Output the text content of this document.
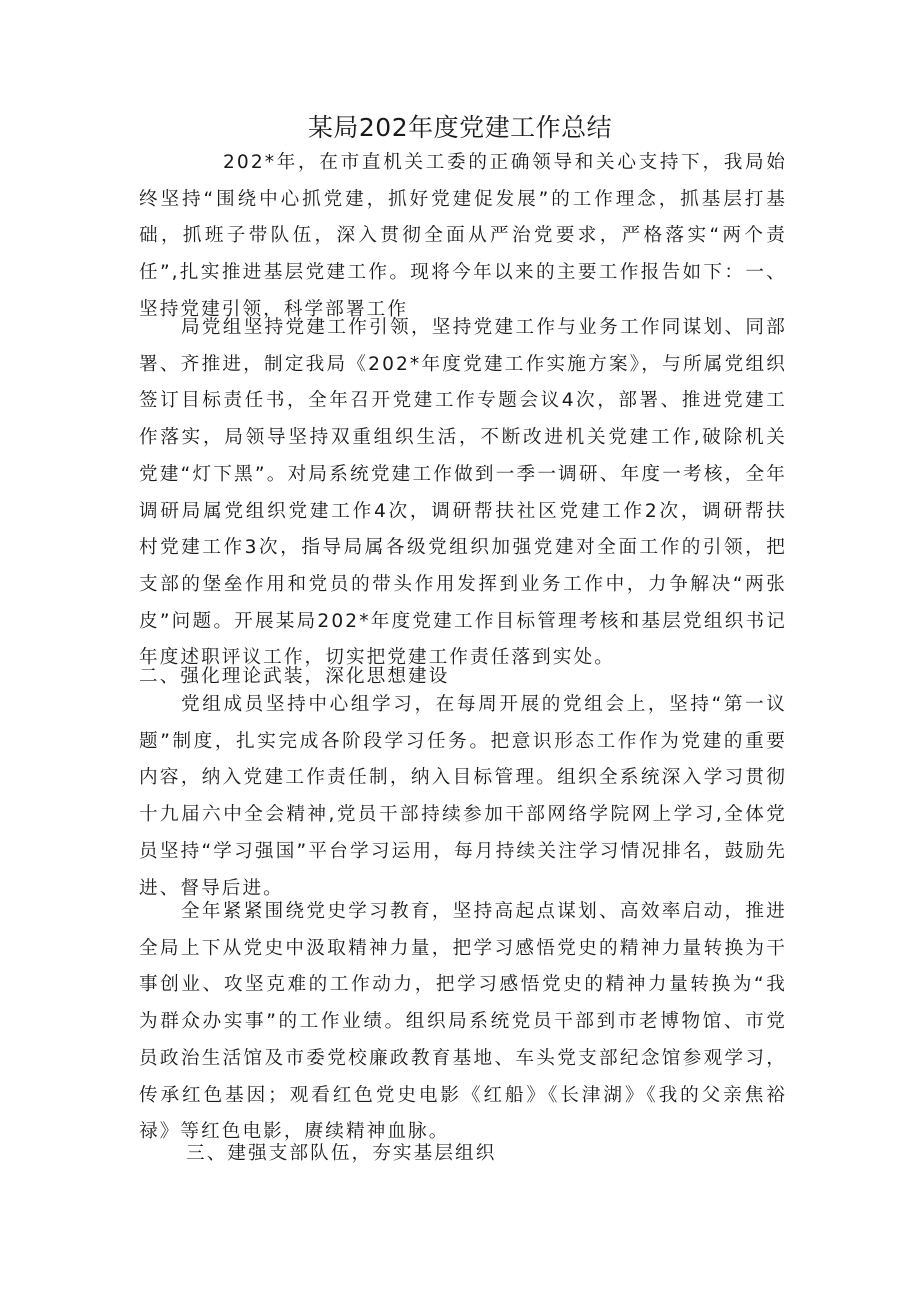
某局202年度党建工作总结

202*年，在市直机关工委的正确领导和关心支持下，我局始终坚持“围绕中心抓党建，抓好党建促发展”的工作理念，抓基层打基础，抓班子带队伍，深入贯彻全面从严治党要求，严格落实“两个责任”,扎实推进基层党建工作。现将今年以来的主要工作报告如下：一、坚持党建引领，科学部署工作

局党组坚持党建工作引领，坚持党建工作与业务工作同谋划、同部署、齐推进，制定我局《202*年度党建工作实施方案》，与所属党组织签订目标责任书，全年召开党建工作专题会议4次，部署、推进党建工作落实，局领导坚持双重组织生活，不断改进机关党建工作,破除机关党建“灯下黑”。对局系统党建工作做到一季一调研、年度一考核，全年调研局属党组织党建工作4次，调研帮扶社区党建工作2次，调研帮扶村党建工作3次，指导局属各级党组织加强党建对全面工作的引领，把支部的堡垒作用和党员的带头作用发挥到业务工作中，力争解决“两张皮”问题。开展某局202*年度党建工作目标管理考核和基层党组织书记年度述职评议工作，切实把党建工作责任落到实处。

二、强化理论武装，深化思想建设

党组成员坚持中心组学习，在每周开展的党组会上，坚持“第一议题”制度，扎实完成各阶段学习任务。把意识形态工作作为党建的重要内容，纳入党建工作责任制，纳入目标管理。组织全系统深入学习贯彻十九届六中全会精神,党员干部持续参加干部网络学院网上学习,全体党员坚持“学习强国”平台学习运用，每月持续关注学习情况排名，鼓励先进、督导后进。

全年紧紧围绕党史学习教育，坚持高起点谋划、高效率启动，推进全局上下从党史中汲取精神力量，把学习感悟党史的精神力量转换为干事创业、攻坚克难的工作动力，把学习感悟党史的精神力量转换为“我为群众办实事”的工作业绩。组织局系统党员干部到市老博物馆、市党员政治生活馆及市委党校廉政教育基地、车头党支部纪念馆参观学习，传承红色基因；观看红色党史电影《红船》《长津湖》《我的父亲焦裕禄》等红色电影，赓续精神血脉。

三、建强支部队伍，夯实基层组织
